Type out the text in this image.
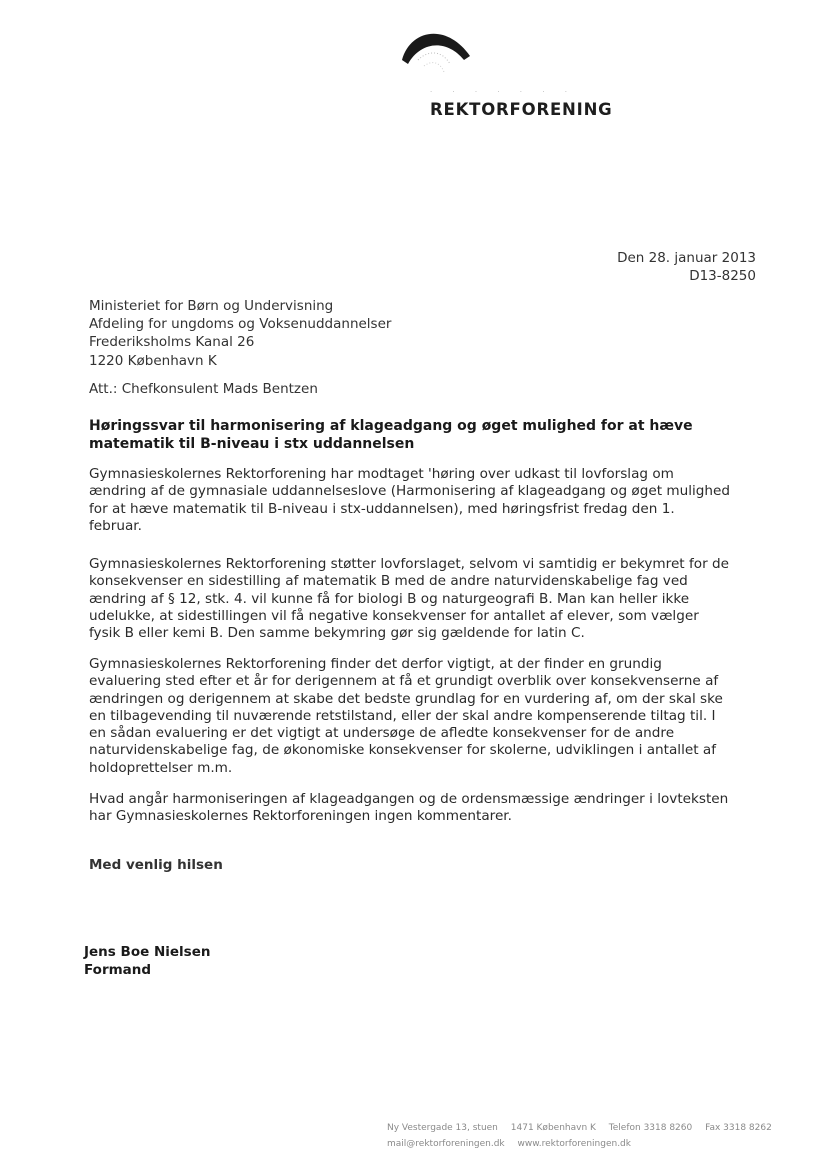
· · · · · · ·
REKTORFORENING
Den 28. januar 2013
D13-8250
Ministeriet for Børn og Undervisning
Afdeling for ungdoms og Voksenuddannelser
Frederiksholms Kanal 26
1220 København K
Att.: Chefkonsulent Mads Bentzen
Høringssvar til harmonisering af klageadgang og øget mulighed for at hæve
matematik til B-niveau i stx uddannelsen
Gymnasieskolernes Rektorforening har modtaget 'høring over udkast til lovforslag om
ændring af de gymnasiale uddannelseslove (Harmonisering af klageadgang og øget mulighed
for at hæve matematik til B-niveau i stx-uddannelsen), med høringsfrist fredag den 1.
februar.
Gymnasieskolernes Rektorforening støtter lovforslaget, selvom vi samtidig er bekymret for de
konsekvenser en sidestilling af matematik B med de andre naturvidenskabelige fag ved
ændring af § 12, stk. 4. vil kunne få for biologi B og naturgeografi B. Man kan heller ikke
udelukke, at sidestillingen vil få negative konsekvenser for antallet af elever, som vælger
fysik B eller kemi B. Den samme bekymring gør sig gældende for latin C.
Gymnasieskolernes Rektorforening finder det derfor vigtigt, at der finder en grundig
evaluering sted efter et år for derigennem at få et grundigt overblik over konsekvenserne af
ændringen og derigennem at skabe det bedste grundlag for en vurdering af, om der skal ske
en tilbagevending til nuværende retstilstand, eller der skal andre kompenserende tiltag til. I
en sådan evaluering er det vigtigt at undersøge de afledte konsekvenser for de andre
naturvidenskabelige fag, de økonomiske konsekvenser for skolerne, udviklingen i antallet af
holdoprettelser m.m.
Hvad angår harmoniseringen af klageadgangen og de ordensmæssige ændringer i lovteksten
har Gymnasieskolernes Rektorforeningen ingen kommentarer.
Med venlig hilsen
Jens Boe Nielsen
Formand
Ny Vestergade 13, stuen 1471 København K Telefon 3318 8260 Fax 3318 8262
mail@rektorforeningen.dk www.rektorforeningen.dk
